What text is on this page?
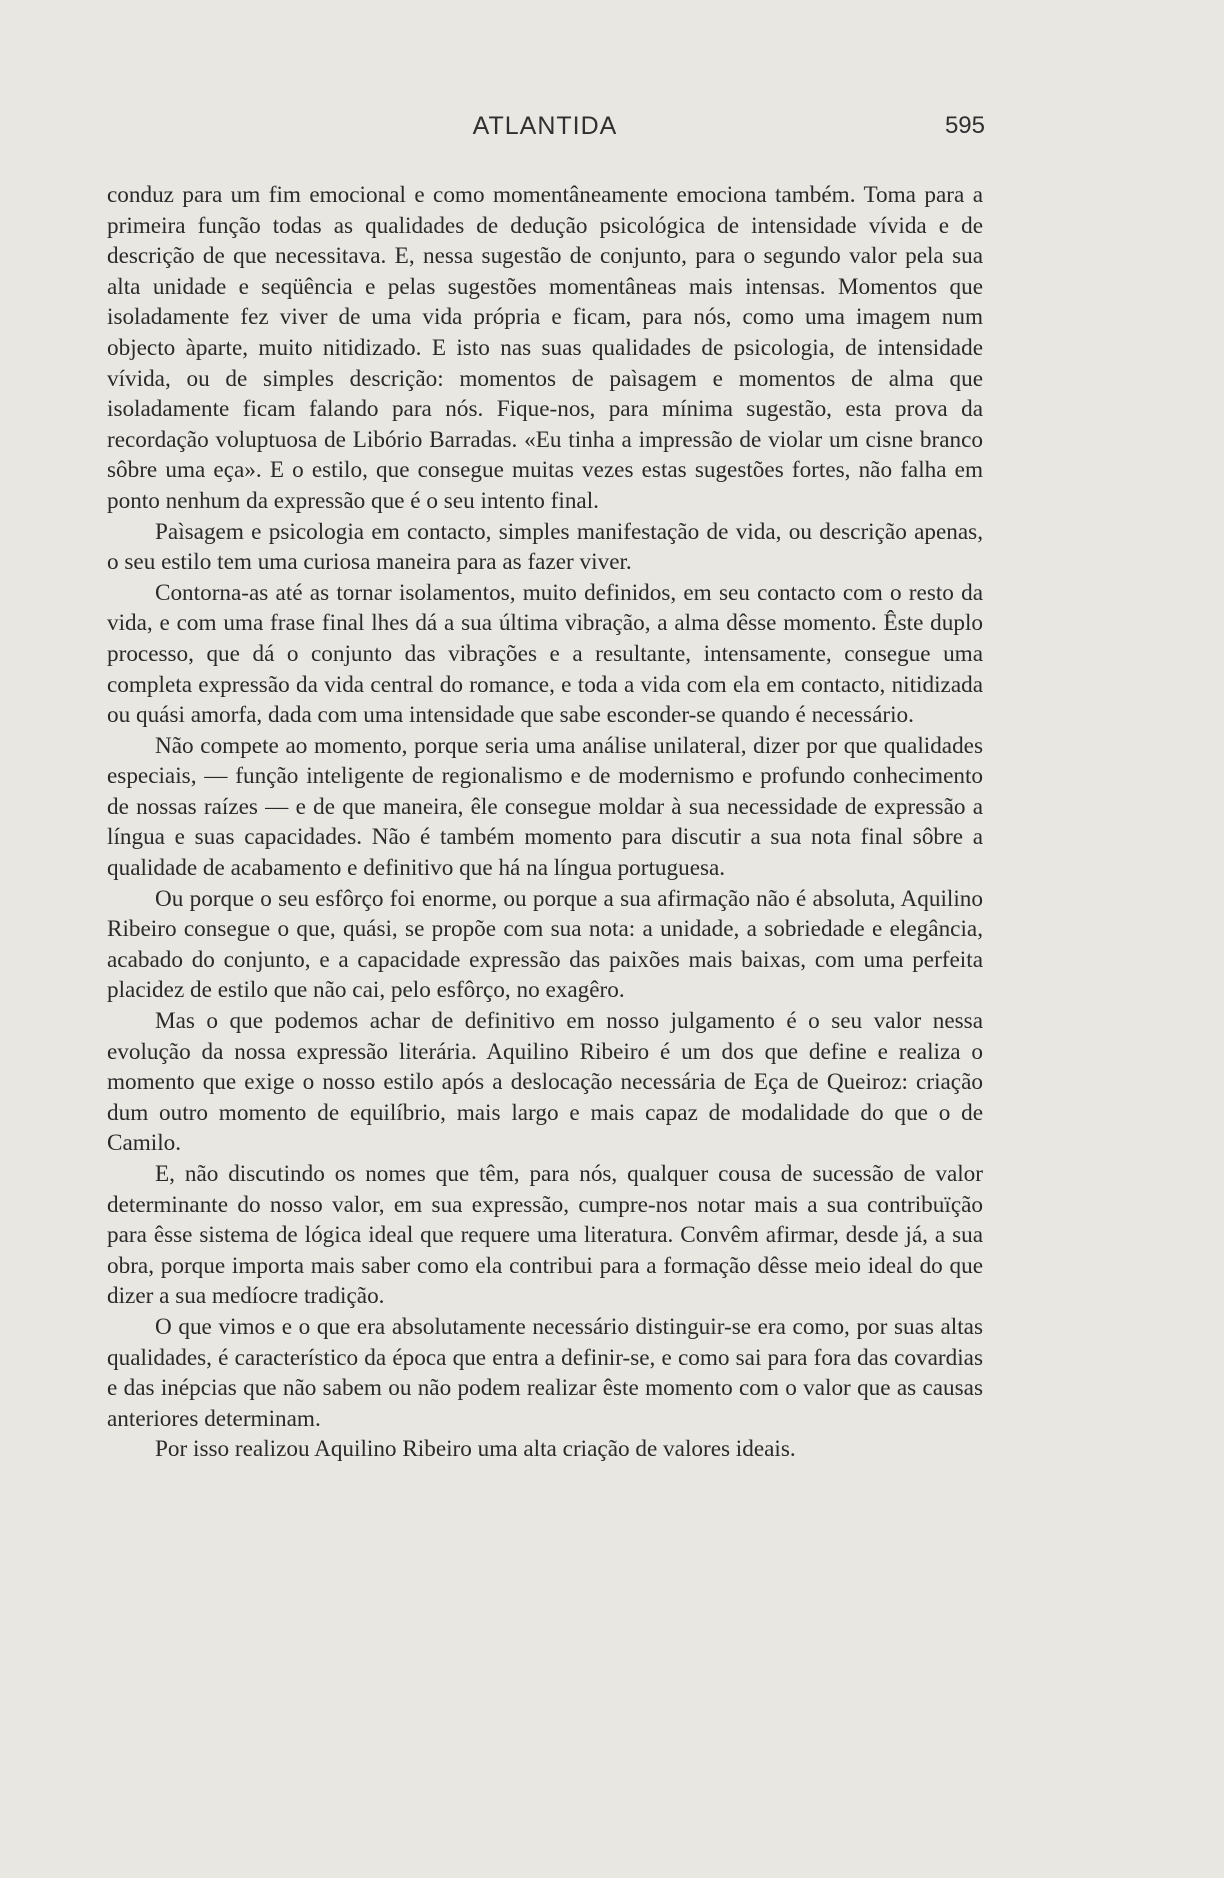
ATLANTIDA	595

conduz para um fim emocional e como momentâneamente emociona também. Toma para a primeira função todas as qualidades de dedução psicológica de intensidade vívida e de descrição de que necessitava. E, nessa sugestão de conjunto, para o segundo valor pela sua alta unidade e seqüência e pelas sugestões momentâneas mais intensas. Momentos que isoladamente fez viver de uma vida própria e ficam, para nós, como uma imagem num objecto àparte, muito nitidizado. E isto nas suas qualidades de psicologia, de intensidade vívida, ou de simples descrição: momentos de paìsagem e momentos de alma que isoladamente ficam falando para nós. Fique-nos, para mínima sugestão, esta prova da recordação voluptuosa de Libório Barradas. «Eu tinha a impressão de violar um cisne branco sôbre uma eça». E o estilo, que consegue muitas vezes estas sugestões fortes, não falha em ponto nenhum da expressão que é o seu intento final.

Paìsagem e psicologia em contacto, simples manifestação de vida, ou descrição apenas, o seu estilo tem uma curiosa maneira para as fazer viver.

Contorna-as até as tornar isolamentos, muito definidos, em seu contacto com o resto da vida, e com uma frase final lhes dá a sua última vibração, a alma dêsse momento. Êste duplo processo, que dá o conjunto das vibrações e a resultante, intensamente, consegue uma completa expressão da vida central do romance, e toda a vida com ela em contacto, nitidizada ou quási amorfa, dada com uma intensidade que sabe esconder-se quando é necessário.

Não compete ao momento, porque seria uma análise unilateral, dizer por que qualidades especiais, — função inteligente de regionalismo e de modernismo e profundo conhecimento de nossas raízes — e de que maneira, êle consegue moldar à sua necessidade de expressão a língua e suas capacidades. Não é também momento para discutir a sua nota final sôbre a qualidade de acabamento e definitivo que há na língua portuguesa.

Ou porque o seu esfôrço foi enorme, ou porque a sua afirmação não é absoluta, Aquilino Ribeiro consegue o que, quási, se propõe com sua nota: a unidade, a sobriedade e elegância, acabado do conjunto, e a capacidade expressão das paixões mais baixas, com uma perfeita placidez de estilo que não cai, pelo esfôrço, no exagêro.

Mas o que podemos achar de definitivo em nosso julgamento é o seu valor nessa evolução da nossa expressão literária. Aquilino Ribeiro é um dos que define e realiza o momento que exige o nosso estilo após a deslocação necessária de Eça de Queiroz: criação dum outro momento de equilíbrio, mais largo e mais capaz de modalidade do que o de Camilo.

E, não discutindo os nomes que têm, para nós, qualquer cousa de sucessão de valor determinante do nosso valor, em sua expressão, cumpre-nos notar mais a sua contribuïção para êsse sistema de lógica ideal que requere uma literatura. Convêm afirmar, desde já, a sua obra, porque importa mais saber como ela contribui para a formação dêsse meio ideal do que dizer a sua medíocre tradição.

O que vimos e o que era absolutamente necessário distinguir-se era como, por suas altas qualidades, é característico da época que entra a definir-se, e como sai para fora das covardias e das inépcias que não sabem ou não podem realizar êste momento com o valor que as causas anteriores determinam.

Por isso realizou Aquilino Ribeiro uma alta criação de valores ideais.
